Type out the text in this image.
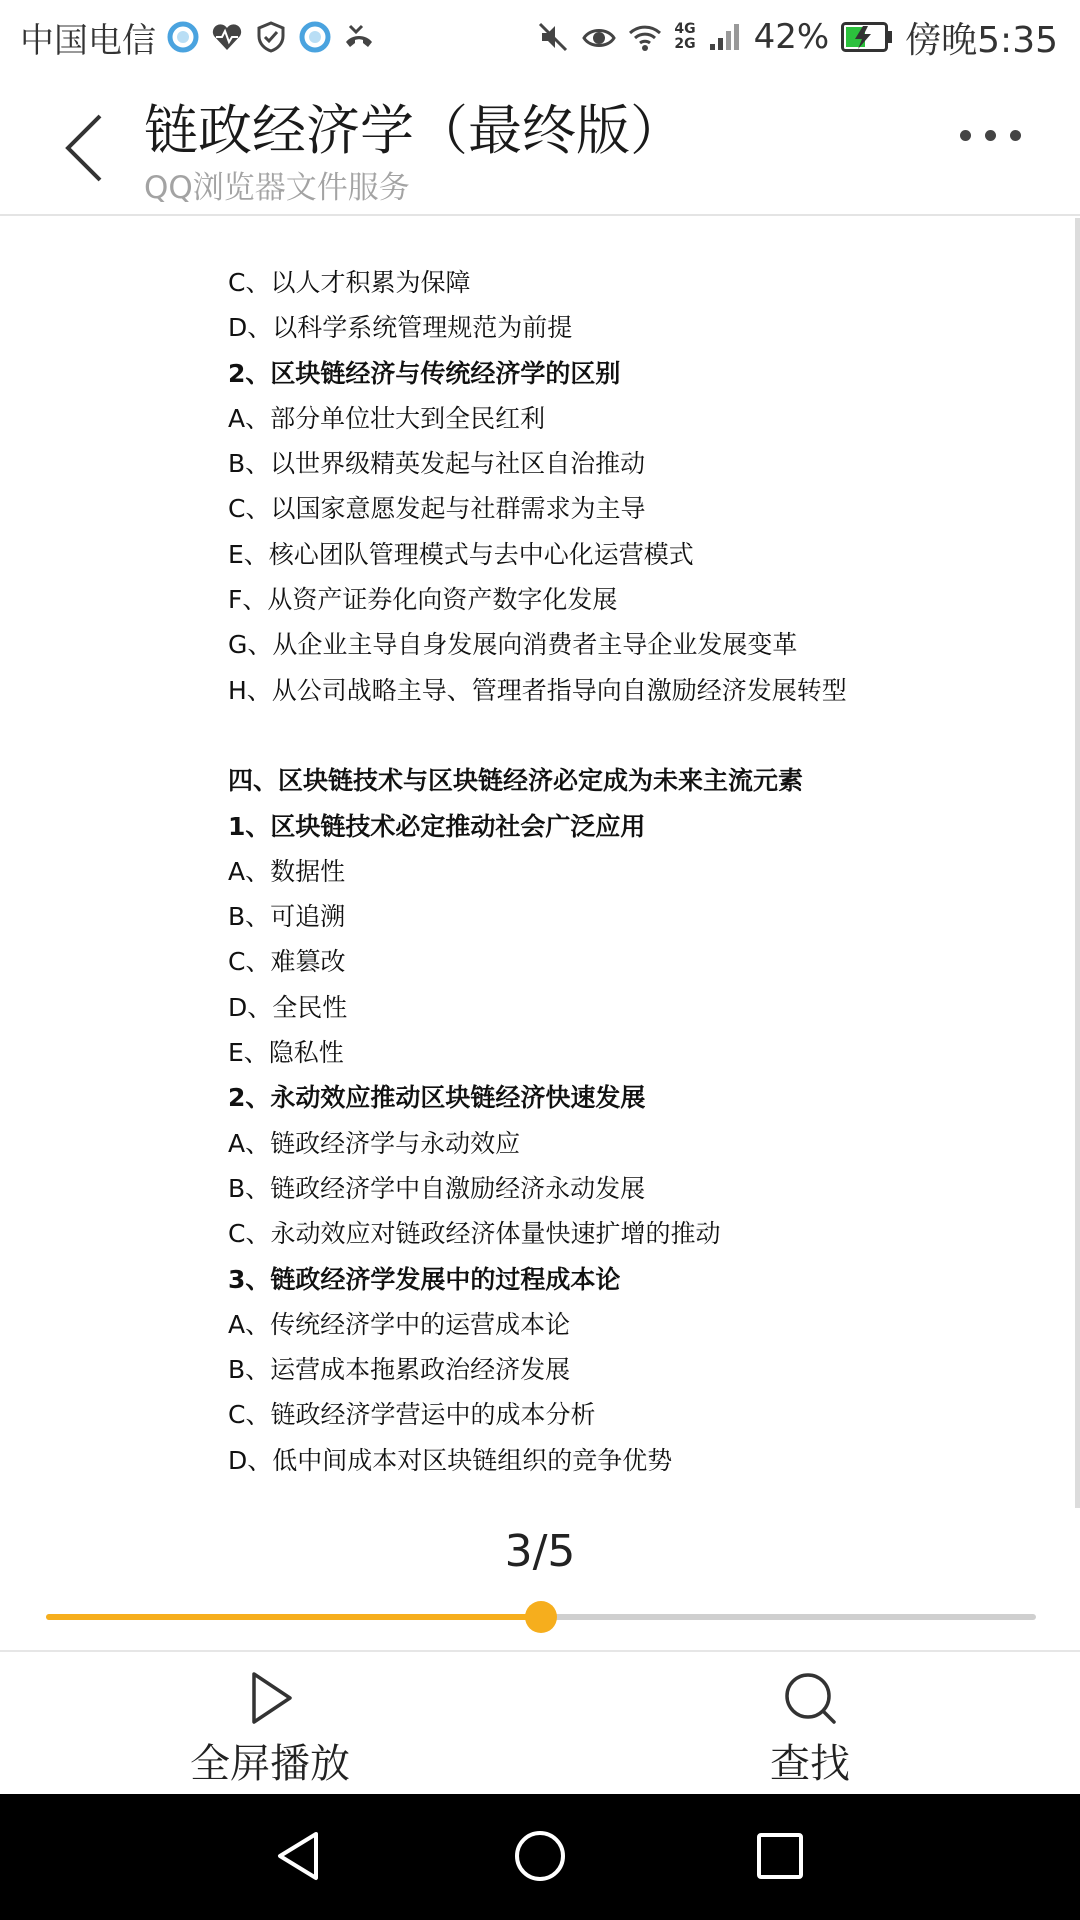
中国电信	4G
2G 42% 傍晚5:35
链政经济学（最终版）
QQ浏览器文件服务
C、以人才积累为保障
D、以科学系统管理规范为前提
2、区块链经济与传统经济学的区别
A、部分单位壮大到全民红利
B、以世界级精英发起与社区自治推动
C、以国家意愿发起与社群需求为主导
E、核心团队管理模式与去中心化运营模式
F、从资产证券化向资产数字化发展
G、从企业主导自身发展向消费者主导企业发展变革
H、从公司战略主导、管理者指导向自激励经济发展转型
四、区块链技术与区块链经济必定成为未来主流元素
1、区块链技术必定推动社会广泛应用
A、数据性
B、可追溯
C、难篡改
D、全民性
E、隐私性
2、永动效应推动区块链经济快速发展
A、链政经济学与永动效应
B、链政经济学中自激励经济永动发展
C、永动效应对链政经济体量快速扩增的推动
3、链政经济学发展中的过程成本论
A、传统经济学中的运营成本论
B、运营成本拖累政治经济发展
C、链政经济学营运中的成本分析
D、低中间成本对区块链组织的竞争优势
3/5
全屏播放	查找
